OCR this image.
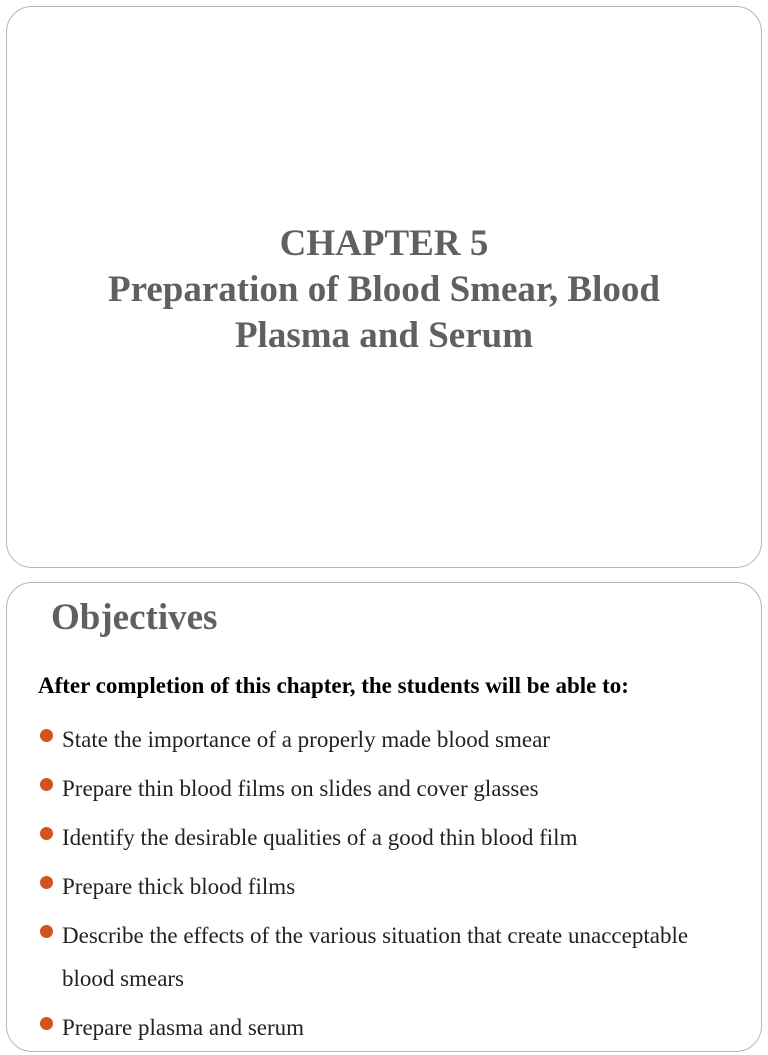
CHAPTER 5
Preparation of Blood Smear, Blood
Plasma and Serum
Objectives

After completion of this chapter, the students will be able to:

State the importance of a properly made blood smear
Prepare thin blood films on slides and cover glasses
Identify the desirable qualities of a good thin blood film
Prepare thick blood films
Describe the effects of the various situation that create unacceptable blood smears
Prepare plasma and serum
